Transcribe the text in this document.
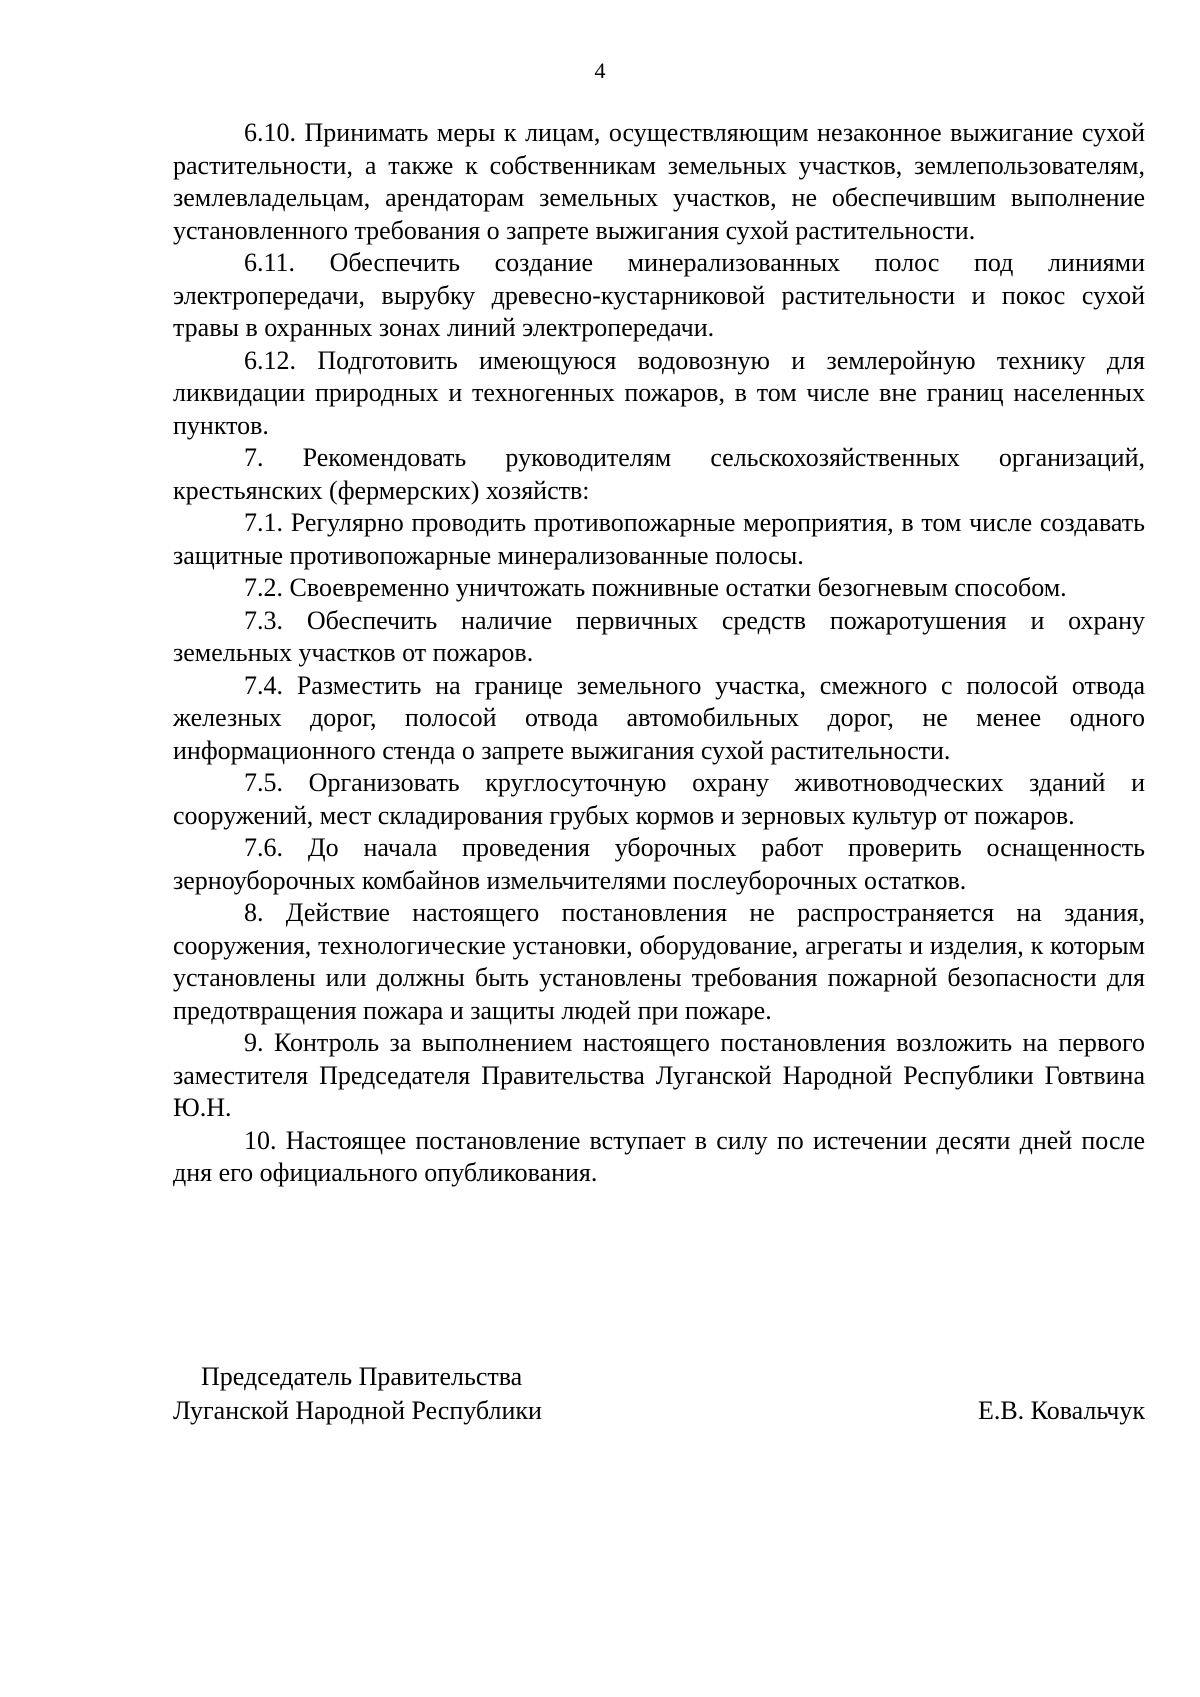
4

6.10. Принимать меры к лицам, осуществляющим незаконное выжигание сухой растительности, а также к собственникам земельных участков, землепользователям, землевладельцам, арендаторам земельных участков, не обеспечившим выполнение установленного требования о запрете выжигания сухой растительности.

6.11. Обеспечить создание минерализованных полос под линиями электропередачи, вырубку древесно-кустарниковой растительности и покос сухой травы в охранных зонах линий электропередачи.

6.12. Подготовить имеющуюся водовозную и землеройную технику для ликвидации природных и техногенных пожаров, в том числе вне границ населенных пунктов.

7. Рекомендовать руководителям сельскохозяйственных организаций, крестьянских (фермерских) хозяйств:

7.1. Регулярно проводить противопожарные мероприятия, в том числе создавать защитные противопожарные минерализованные полосы.

7.2. Своевременно уничтожать пожнивные остатки безогневым способом.

7.3. Обеспечить наличие первичных средств пожаротушения и охрану земельных участков от пожаров.

7.4. Разместить на границе земельного участка, смежного с полосой отвода железных дорог, полосой отвода автомобильных дорог, не менее одного информационного стенда о запрете выжигания сухой растительности.

7.5. Организовать круглосуточную охрану животноводческих зданий и сооружений, мест складирования грубых кормов и зерновых культур от пожаров.

7.6. До начала проведения уборочных работ проверить оснащенность зерноуборочных комбайнов измельчителями послеуборочных остатков.

8. Действие настоящего постановления не распространяется на здания, сооружения, технологические установки, оборудование, агрегаты и изделия, к которым установлены или должны быть установлены требования пожарной безопасности для предотвращения пожара и защиты людей при пожаре.

9. Контроль за выполнением настоящего постановления возложить на первого заместителя Председателя Правительства Луганской Народной Республики Говтвина Ю.Н.

10. Настоящее постановление вступает в силу по истечении десяти дней после дня его официального опубликования.

Председатель Правительства
Луганской Народной Республики	Е.В. Ковальчук
